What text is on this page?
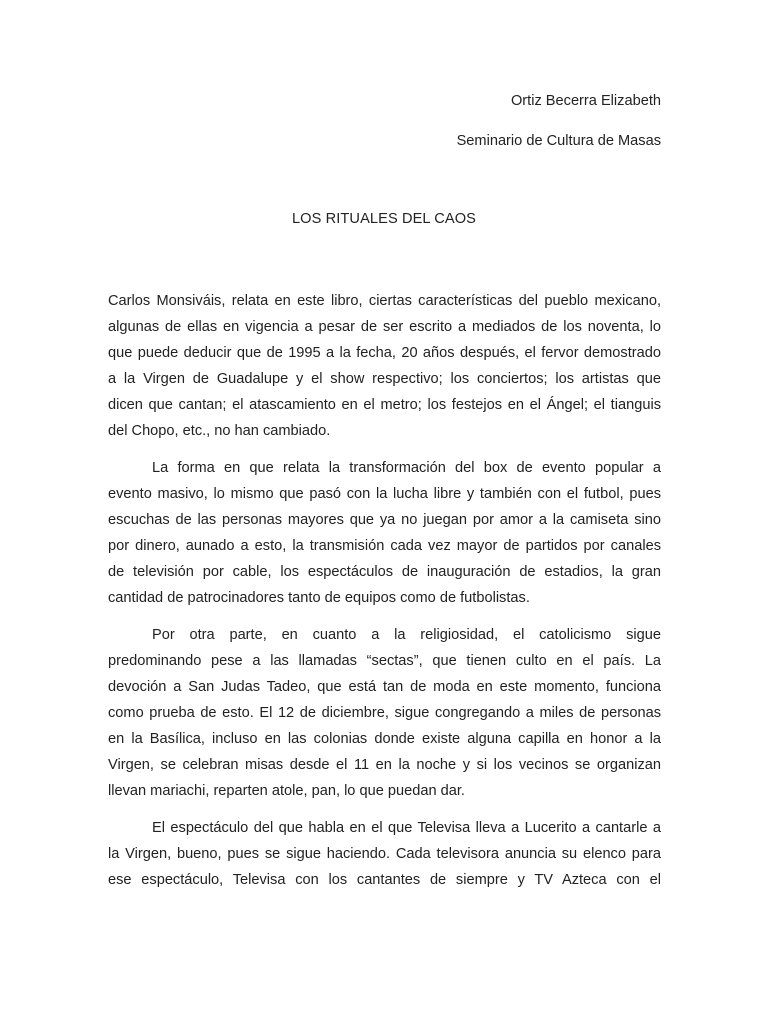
Ortiz Becerra Elizabeth
Seminario de Cultura de Masas
LOS RITUALES DEL CAOS
Carlos Monsiváis, relata en este libro, ciertas características del pueblo mexicano,
algunas de ellas en vigencia a pesar de ser escrito a mediados de los noventa, lo
que puede deducir que de 1995 a la fecha, 20 años después, el fervor demostrado
a la Virgen de Guadalupe y el show respectivo; los conciertos; los artistas que
dicen que cantan; el atascamiento en el metro; los festejos en el Ángel; el tianguis
del Chopo, etc., no han cambiado.
La forma en que relata la transformación del box de evento popular a
evento masivo, lo mismo que pasó con la lucha libre y también con el futbol, pues
escuchas de las personas mayores que ya no juegan por amor a la camiseta sino
por dinero, aunado a esto, la transmisión cada vez mayor de partidos por canales
de televisión por cable, los espectáculos de inauguración de estadios, la gran
cantidad de patrocinadores tanto de equipos como de futbolistas.
Por otra parte, en cuanto a la religiosidad, el catolicismo sigue
predominando pese a las llamadas “sectas”, que tienen culto en el país. La
devoción a San Judas Tadeo, que está tan de moda en este momento, funciona
como prueba de esto. El 12 de diciembre, sigue congregando a miles de personas
en la Basílica, incluso en las colonias donde existe alguna capilla en honor a la
Virgen, se celebran misas desde el 11 en la noche y si los vecinos se organizan
llevan mariachi, reparten atole, pan, lo que puedan dar.
El espectáculo del que habla en el que Televisa lleva a Lucerito a cantarle a
la Virgen, bueno, pues se sigue haciendo. Cada televisora anuncia su elenco para
ese espectáculo, Televisa con los cantantes de siempre y TV Azteca con el
